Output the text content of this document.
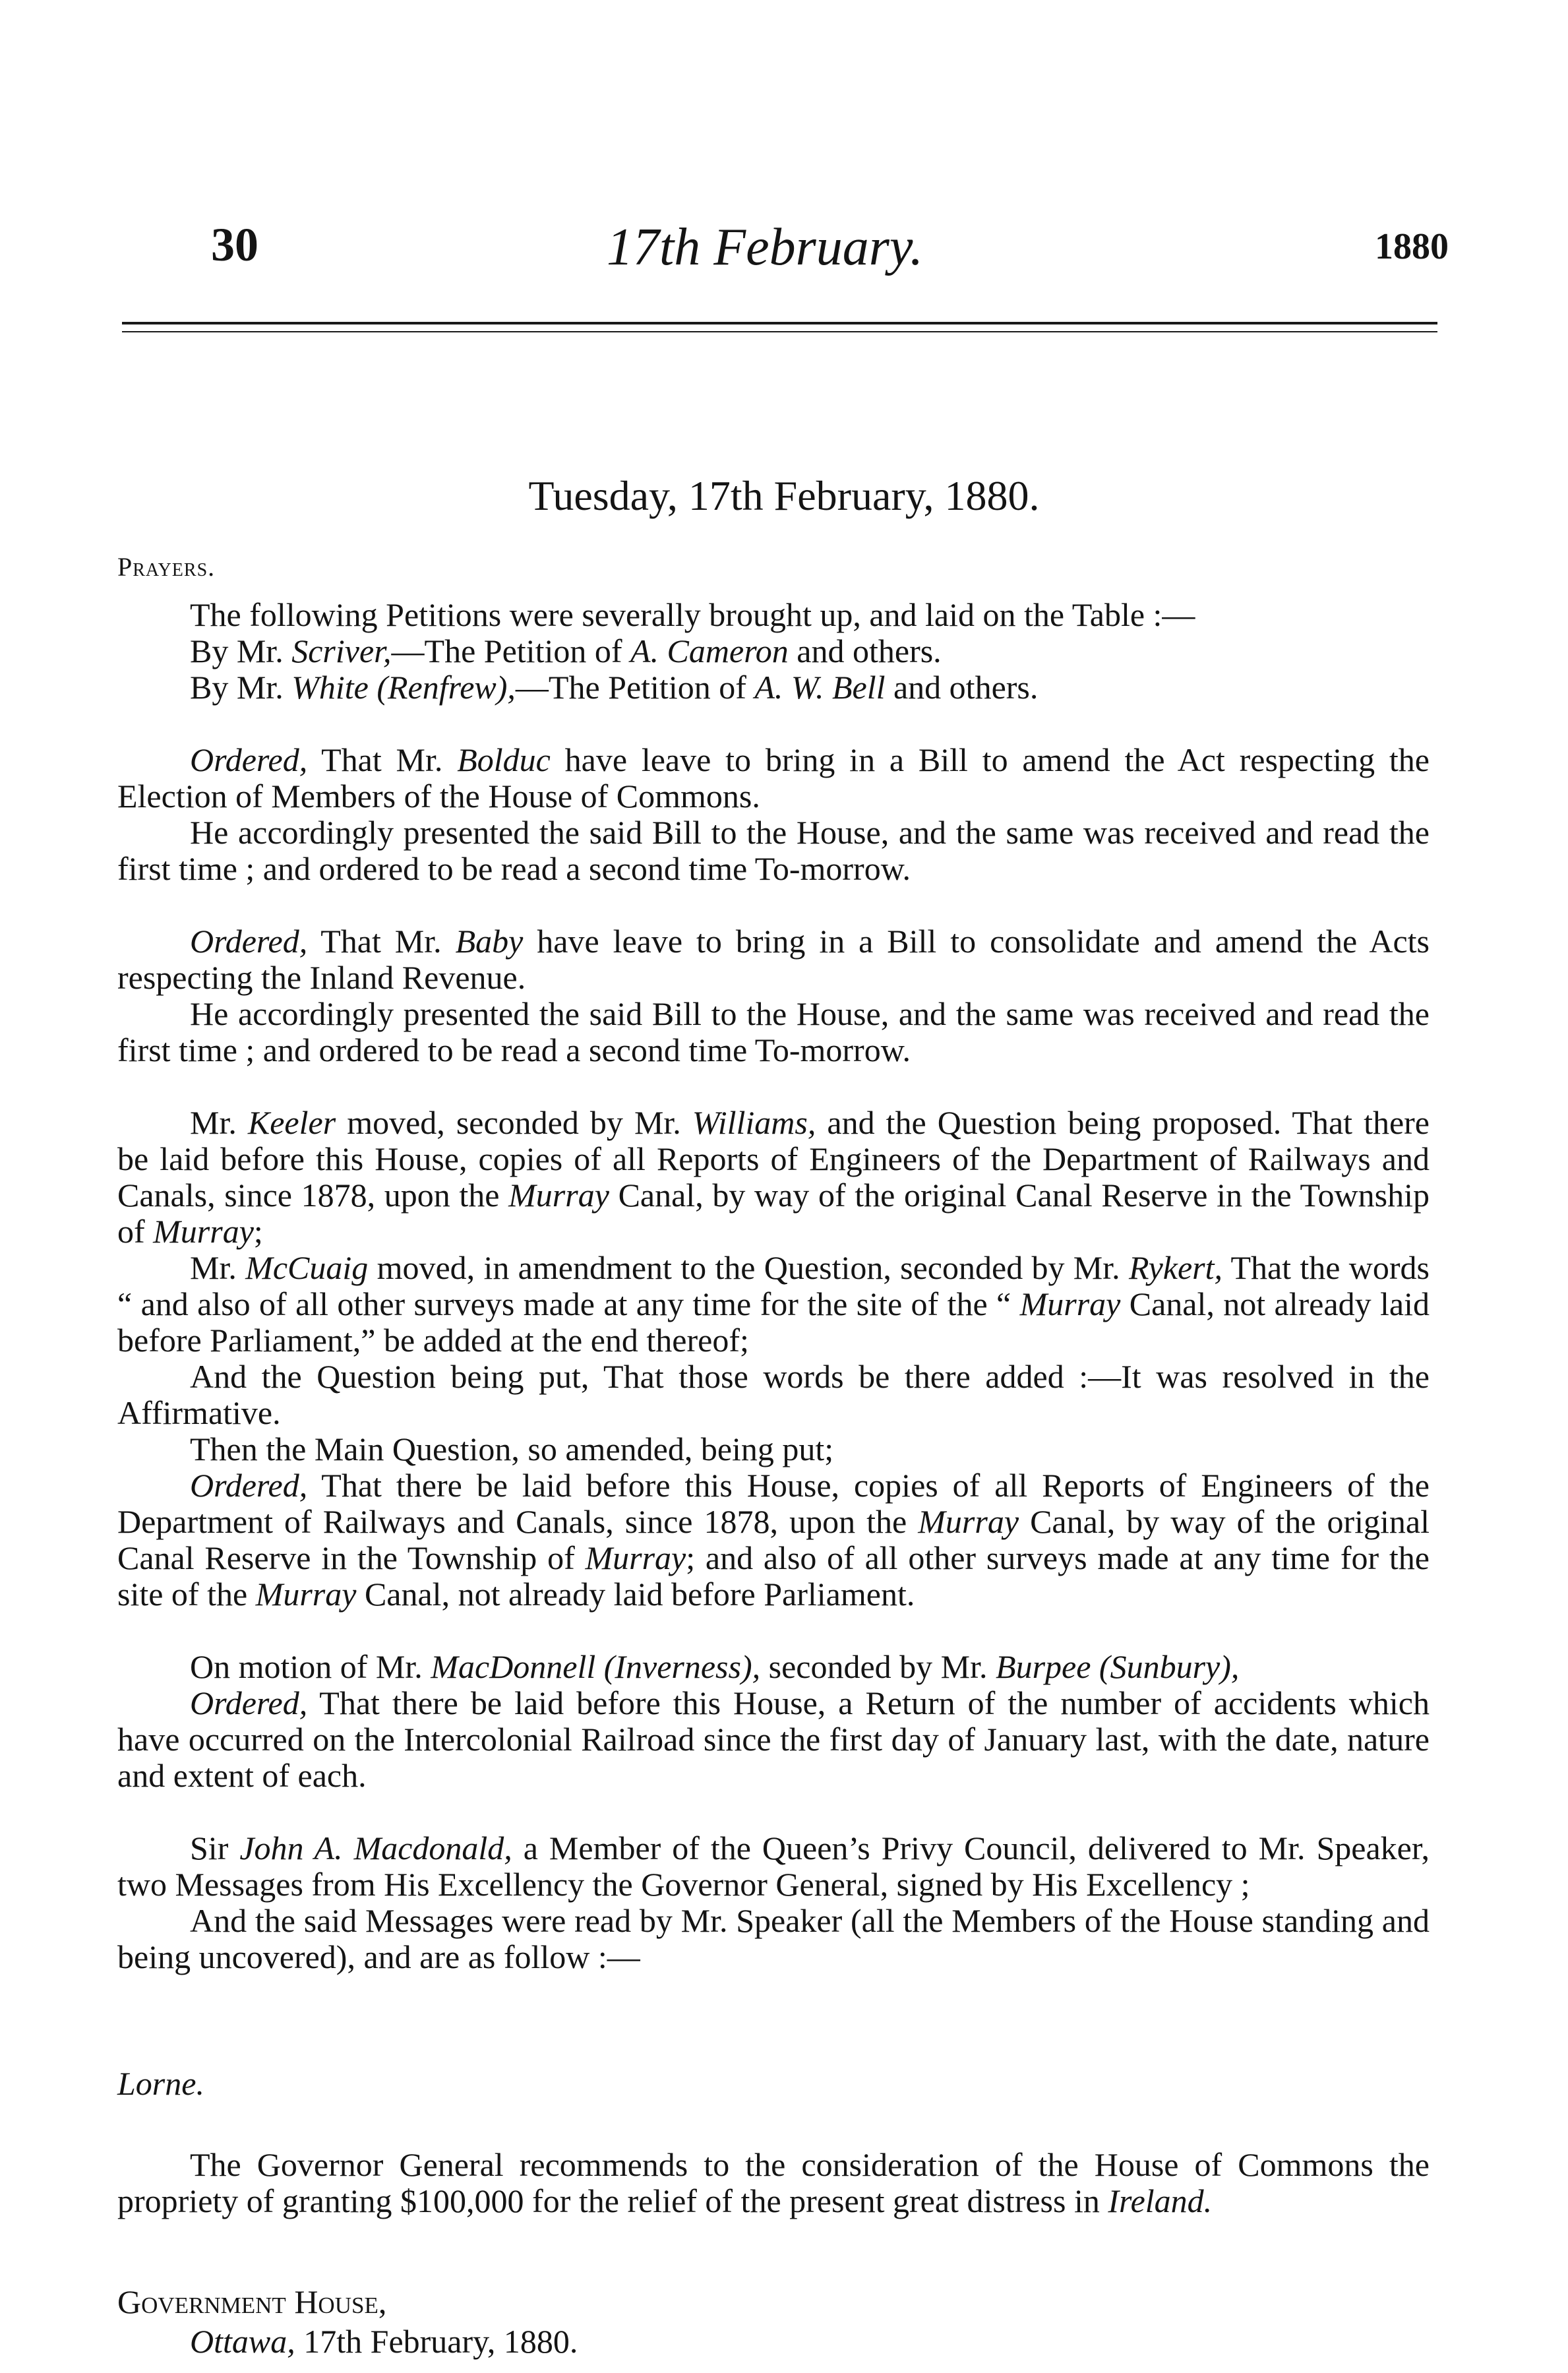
30	17th February.	1880
Tuesday, 17th February, 1880.
Prayers.

The following Petitions were severally brought up, and laid on the Table :—

By Mr. Scriver,—The Petition of A. Cameron and others.

By Mr. White (Renfrew),—The Petition of A. W. Bell and others.

Ordered, That Mr. Bolduc have leave to bring in a Bill to amend the Act respecting the Election of Members of the House of Commons.

He accordingly presented the said Bill to the House, and the same was received and read the first time ; and ordered to be read a second time To-morrow.

Ordered, That Mr. Baby have leave to bring in a Bill to consolidate and amend the Acts respecting the Inland Revenue.

He accordingly presented the said Bill to the House, and the same was received and read the first time ; and ordered to be read a second time To-morrow.

Mr. Keeler moved, seconded by Mr. Williams, and the Question being proposed. That there be laid before this House, copies of all Reports of Engineers of the Department of Railways and Canals, since 1878, upon the Murray Canal, by way of the original Canal Reserve in the Township of Murray;

Mr. McCuaig moved, in amendment to the Question, seconded by Mr. Rykert, That the words “ and also of all other surveys made at any time for the site of the “ Murray Canal, not already laid before Parliament,” be added at the end thereof;

And the Question being put, That those words be there added :—It was resolved in the Affirmative.

Then the Main Question, so amended, being put;

Ordered, That there be laid before this House, copies of all Reports of Engineers of the Department of Railways and Canals, since 1878, upon the Murray Canal, by way of the original Canal Reserve in the Township of Murray; and also of all other surveys made at any time for the site of the Murray Canal, not already laid before Parliament.

On motion of Mr. MacDonnell (Inverness), seconded by Mr. Burpee (Sunbury),

Ordered, That there be laid before this House, a Return of the number of accidents which have occurred on the Intercolonial Railroad since the first day of January last, with the date, nature and extent of each.

Sir John A. Macdonald, a Member of the Queen’s Privy Council, delivered to Mr. Speaker, two Messages from His Excellency the Governor General, signed by His Excellency ;

And the said Messages were read by Mr. Speaker (all the Members of the House standing and being uncovered), and are as follow :—

Lorne.

The Governor General recommends to the consideration of the House of Commons the propriety of granting $100,000 for the relief of the present great distress in Ireland.

Government House,
Ottawa, 17th February, 1880.
